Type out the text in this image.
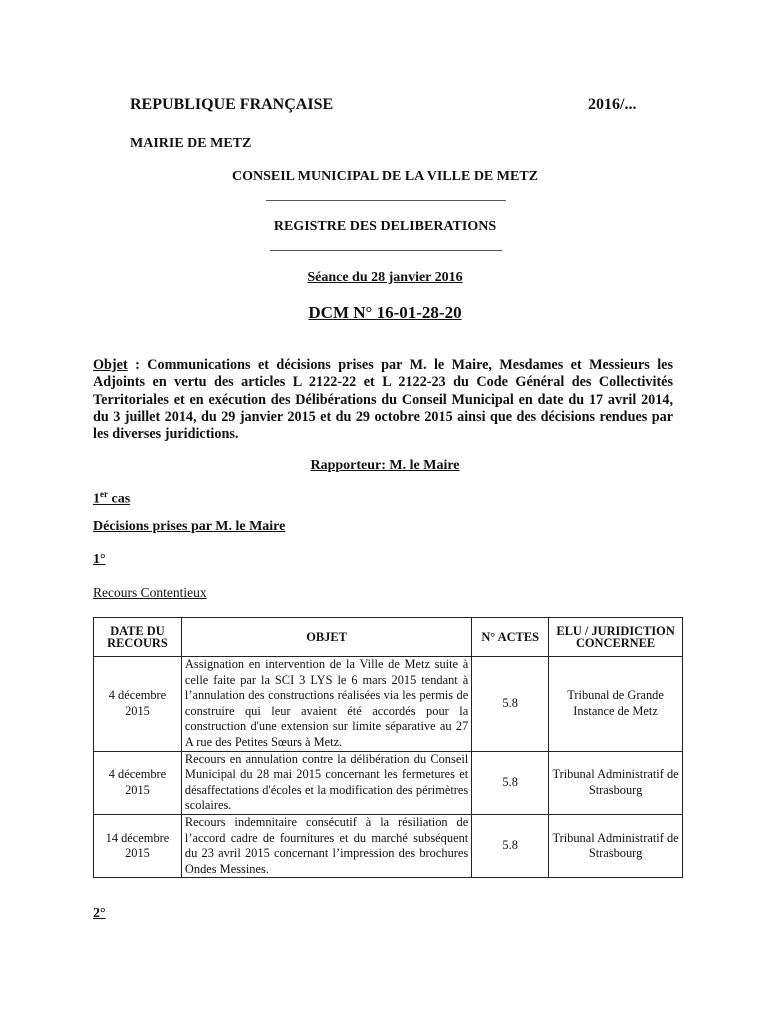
REPUBLIQUE FRANÇAISE	2016/...
MAIRIE DE METZ
CONSEIL MUNICIPAL DE LA VILLE DE METZ
REGISTRE DES DELIBERATIONS
Séance du 28 janvier 2016
DCM N° 16-01-28-20
Objet : Communications et décisions prises par M. le Maire, Mesdames et Messieurs les Adjoints en vertu des articles L 2122-22 et L 2122-23 du Code Général des Collectivités Territoriales et en exécution des Délibérations du Conseil Municipal en date du 17 avril 2014, du 3 juillet 2014, du 29 janvier 2015 et du 29 octobre 2015 ainsi que des décisions rendues par les diverses juridictions.
Rapporteur: M. le Maire
1er cas
Décisions prises par M. le Maire
1°
Recours Contentieux
DATE DU RECOURS	OBJET	N° ACTES	ELU / JURIDICTION CONCERNEE
4 décembre 2015	Assignation en intervention de la Ville de Metz suite à celle faite par la SCI 3 LYS le 6 mars 2015 tendant à l’annulation des constructions réalisées via les permis de construire qui leur avaient été accordés pour la construction d'une extension sur limite séparative au 27 A rue des Petites Sœurs à Metz.	5.8	Tribunal de Grande Instance de Metz
4 décembre 2015	Recours en annulation contre la délibération du Conseil Municipal du 28 mai 2015 concernant les fermetures et désaffectations d'écoles et la modification des périmètres scolaires.	5.8	Tribunal Administratif de Strasbourg
14 décembre 2015	Recours indemnitaire consécutif à la résiliation de l’accord cadre de fournitures et du marché subséquent du 23 avril 2015 concernant l’impression des brochures Ondes Messines.	5.8	Tribunal Administratif de Strasbourg
2°
